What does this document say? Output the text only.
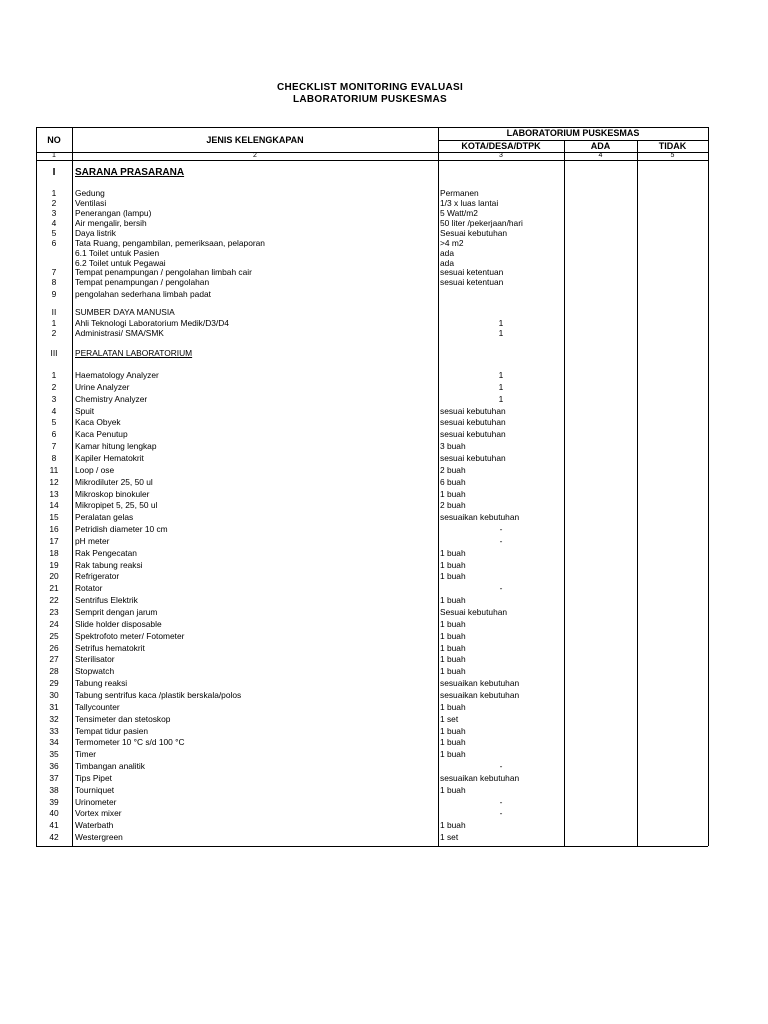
CHECKLIST MONITORING EVALUASI
LABORATORIUM PUSKESMAS
NO	JENIS KELENGKAPAN
LABORATORIUM PUSKESMAS
KOTA/DESA/DTPK	ADA	TIDAK
1	2	3	4	5
I	SARANA PRASARANA
1	Gedung	Permanen
2	Ventilasi	1/3 x luas lantai
3	Penerangan (lampu)	5 Watt/m2
4	Air mengalir, bersih	50 liter /pekerjaan/hari
5	Daya listrik	Sesuai kebutuhan
6	Tata Ruang, pengambilan, pemeriksaan, pelaporan	>4 m2
6.1 Toilet untuk Pasien	ada
6.2 Toilet untuk Pegawai	ada
7	Tempat penampungan / pengolahan limbah cair	sesuai ketentuan
8	Tempat penampungan / pengolahan	sesuai ketentuan
9	pengolahan sederhana limbah padat
II	SUMBER DAYA MANUSIA
1	Ahli Teknologi Laboratorium Medik/D3/D4	1
2	Administrasi/ SMA/SMK	1
III	PERALATAN LABORATORIUM
1	Haematology Analyzer	1
2	Urine Analyzer	1
3	Chemistry Analyzer	1
4	Spuit	sesuai kebutuhan
5	Kaca Obyek	sesuai kebutuhan
6	Kaca Penutup	sesuai kebutuhan
7	Kamar hitung lengkap	3 buah
8	Kapiler Hematokrit	sesuai kebutuhan
11	Loop / ose	2 buah
12	Mikrodiluter 25, 50 ul	6 buah
13	Mikroskop binokuler	1 buah
14	Mikropipet 5, 25, 50 ul	2 buah
15	Peralatan gelas	sesuaikan kebutuhan
16	Petridish diameter 10 cm	-
17	pH meter	-
18	Rak Pengecatan	1 buah
19	Rak tabung reaksi	1 buah
20	Refrigerator	1 buah
21	Rotator	-
22	Sentrifus Elektrik	1 buah
23	Semprit dengan jarum	Sesuai kebutuhan
24	Slide holder disposable	1 buah
25	Spektrofoto meter/ Fotometer	1 buah
26	Setrifus hematokrit	1 buah
27	Sterilisator	1 buah
28	Stopwatch	1 buah
29	Tabung reaksi	sesuaikan kebutuhan
30	Tabung sentrifus kaca /plastik berskala/polos	sesuaikan kebutuhan
31	Tallycounter	1 buah
32	Tensimeter dan stetoskop	1 set
33	Tempat tidur pasien	1 buah
34	Termometer 10 °C s/d 100 °C	1 buah
35	Timer	1 buah
36	Timbangan analitik	-
37	Tips Pipet	sesuaikan kebutuhan
38	Tourniquet	1 buah
39	Urinometer	-
40	Vortex mixer	-
41	Waterbath	1 buah
42	Westergreen	1 set
